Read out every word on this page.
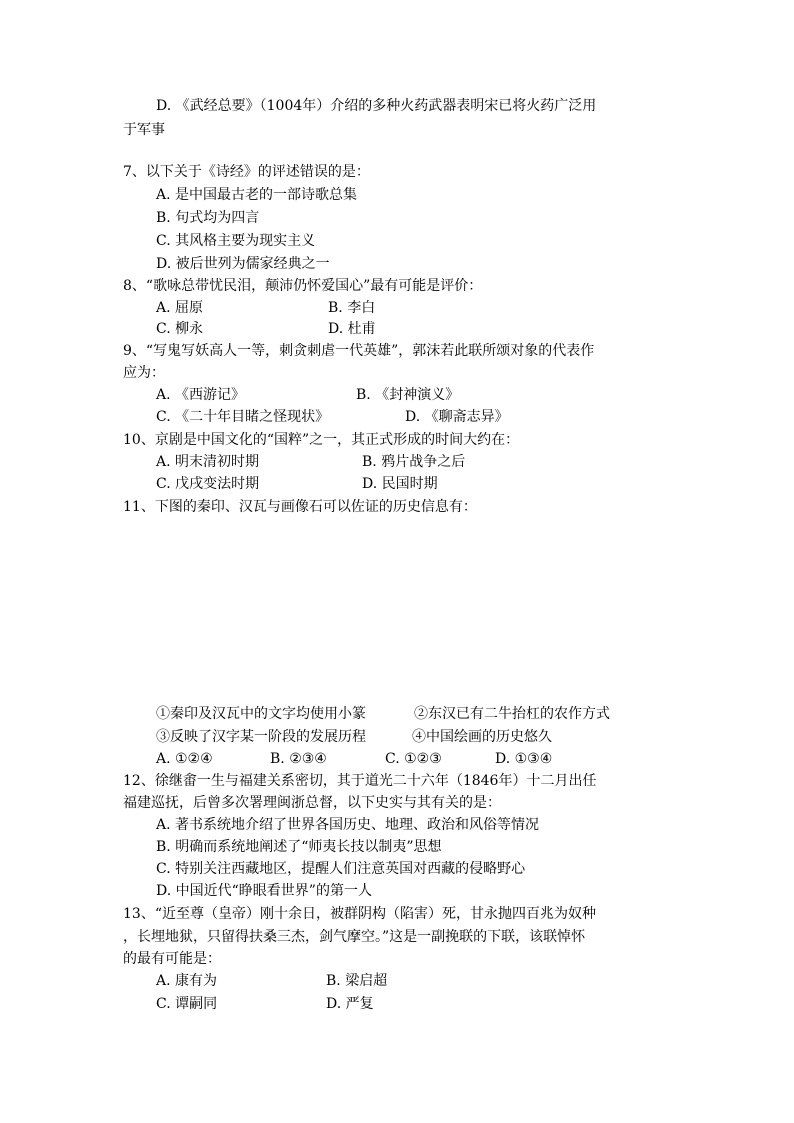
D. 《武经总要》（1004年）介绍的多种火药武器表明宋已将火药广泛用
于军事
7、以下关于《诗经》的评述错误的是：
A. 是中国最古老的一部诗歌总集
B. 句式均为四言
C. 其风格主要为现实主义
D. 被后世列为儒家经典之一
8、“歌咏总带忧民泪，颠沛仍怀爱国心”最有可能是评价：
A. 屈原	B. 李白
C. 柳永	D. 杜甫
9、“写鬼写妖高人一等，刺贪刺虐一代英雄”，郭沫若此联所颂对象的代表作
应为：
A. 《西游记》	B. 《封神演义》
C. 《二十年目睹之怪现状》	D. 《聊斋志异》
10、京剧是中国文化的“国粹”之一，其正式形成的时间大约在：
A. 明末清初时期	B. 鸦片战争之后
C. 戊戌变法时期	D. 民国时期
11、下图的秦印、汉瓦与画像石可以佐证的历史信息有：
①秦印及汉瓦中的文字均使用小篆	②东汉已有二牛抬杠的农作方式
③反映了汉字某一阶段的发展历程	④中国绘画的历史悠久
A. ①②④	B. ②③④	C. ①②③	D. ①③④
12、徐继畬一生与福建关系密切，其于道光二十六年（1846年）十二月出任
福建巡抚，后曾多次署理闽浙总督，以下史实与其有关的是：
A. 著书系统地介绍了世界各国历史、地理、政治和风俗等情况
B. 明确而系统地阐述了“师夷长技以制夷”思想
C. 特别关注西藏地区，提醒人们注意英国对西藏的侵略野心
D. 中国近代“睁眼看世界”的第一人
13、“近至尊（皇帝）刚十余日，被群阴构（陷害）死，甘永抛四百兆为奴种
，长埋地狱，只留得扶桑三杰，剑气摩空。”这是一副挽联的下联，该联悼怀
的最有可能是：
A. 康有为	B. 梁启超
C. 谭嗣同	D. 严复
